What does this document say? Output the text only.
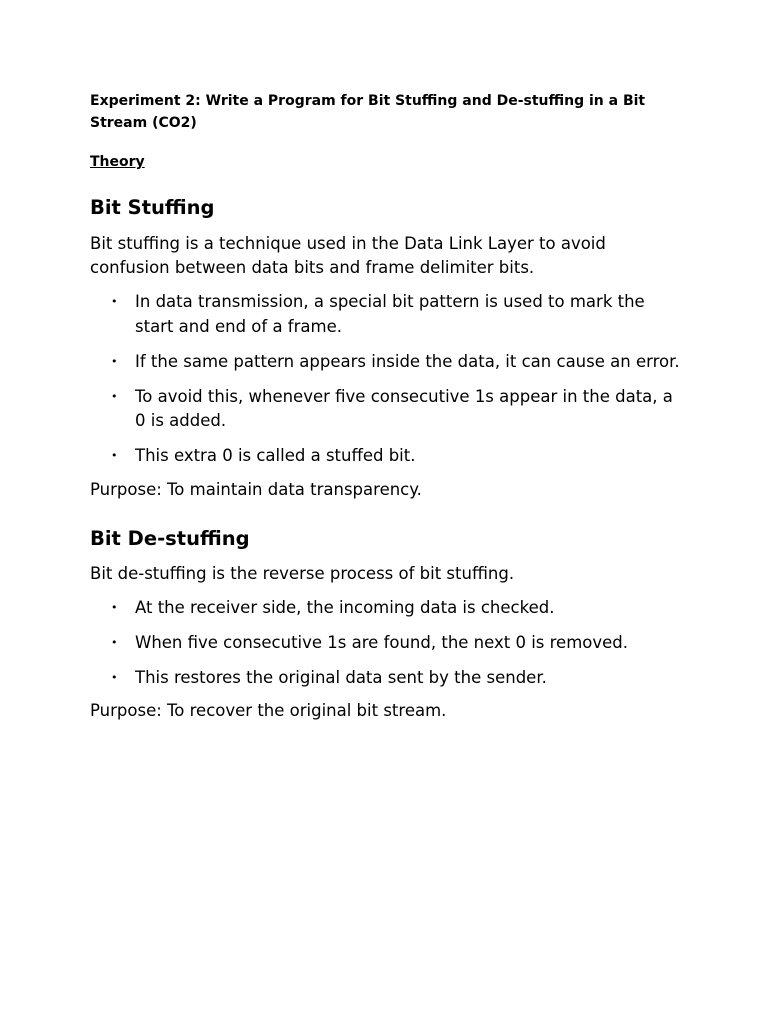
Experiment 2: Write a Program for Bit Stuffing and De-stuffing in a Bit Stream (CO2)

Theory

Bit Stuffing

Bit stuffing is a technique used in the Data Link Layer to avoid confusion between data bits and frame delimiter bits.

• In data transmission, a special bit pattern is used to mark the start and end of a frame.
• If the same pattern appears inside the data, it can cause an error.
• To avoid this, whenever five consecutive 1s appear in the data, a 0 is added.
• This extra 0 is called a stuffed bit.

Purpose: To maintain data transparency.

Bit De-stuffing

Bit de-stuffing is the reverse process of bit stuffing.

• At the receiver side, the incoming data is checked.
• When five consecutive 1s are found, the next 0 is removed.
• This restores the original data sent by the sender.

Purpose: To recover the original bit stream.
